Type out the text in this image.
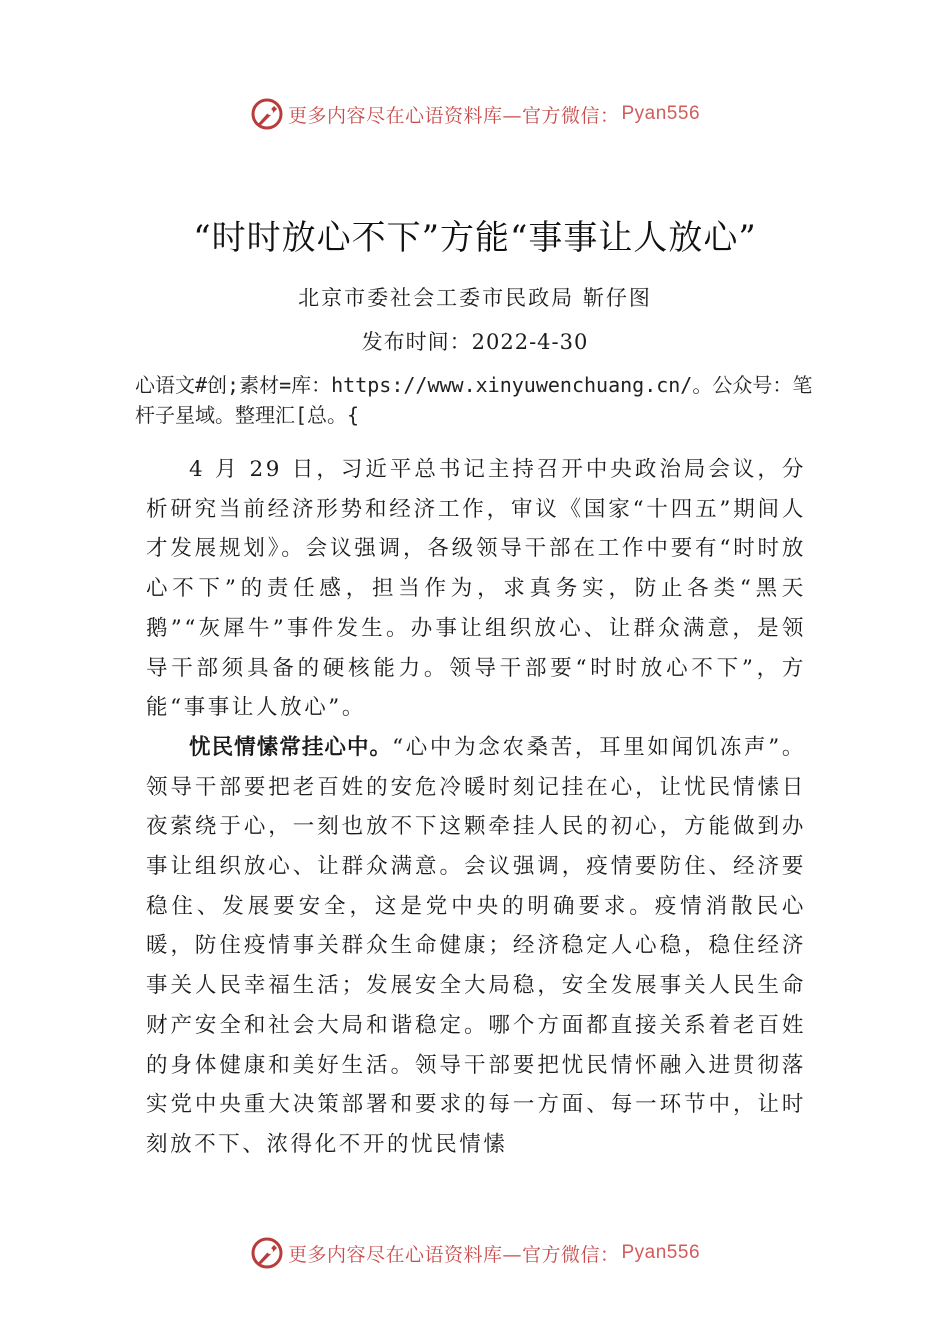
更多内容尽在心语资料库—官方微信： Pyan556
“时时放心不下”方能“事事让人放心”
北京市委社会工委市民政局 靳仔图
发布时间：2022-4-30
心语文#创;素材=库：https://www.xinyuwenchuang.cn/。公众号：笔杆子星域。整理汇[总。{

4 月 29 日，习近平总书记主持召开中央政治局会议，分析研究当前经济形势和经济工作，审议《国家“十四五”期间人才发展规划》。会议强调，各级领导干部在工作中要有“时时放心不下”的责任感，担当作为，求真务实，防止各类“黑天鹅”“灰犀牛”事件发生。办事让组织放心、让群众满意，是领导干部须具备的硬核能力。领导干部要“时时放心不下”，方能“事事让人放心”。

忧民情愫常挂心中。“心中为念农桑苦，耳里如闻饥冻声”。领导干部要把老百姓的安危冷暖时刻记挂在心，让忧民情愫日夜萦绕于心，一刻也放不下这颗牵挂人民的初心，方能做到办事让组织放心、让群众满意。会议强调，疫情要防住、经济要稳住、发展要安全，这是党中央的明确要求。疫情消散民心暖，防住疫情事关群众生命健康；经济稳定人心稳，稳住经济事关人民幸福生活；发展安全大局稳，安全发展事关人民生命财产安全和社会大局和谐稳定。哪个方面都直接关系着老百姓的身体健康和美好生活。领导干部要把忧民情怀融入进贯彻落实党中央重大决策部署和要求的每一方面、每一环节中，让时刻放不下、浓得化不开的忧民情愫

更多内容尽在心语资料库—官方微信： Pyan556
